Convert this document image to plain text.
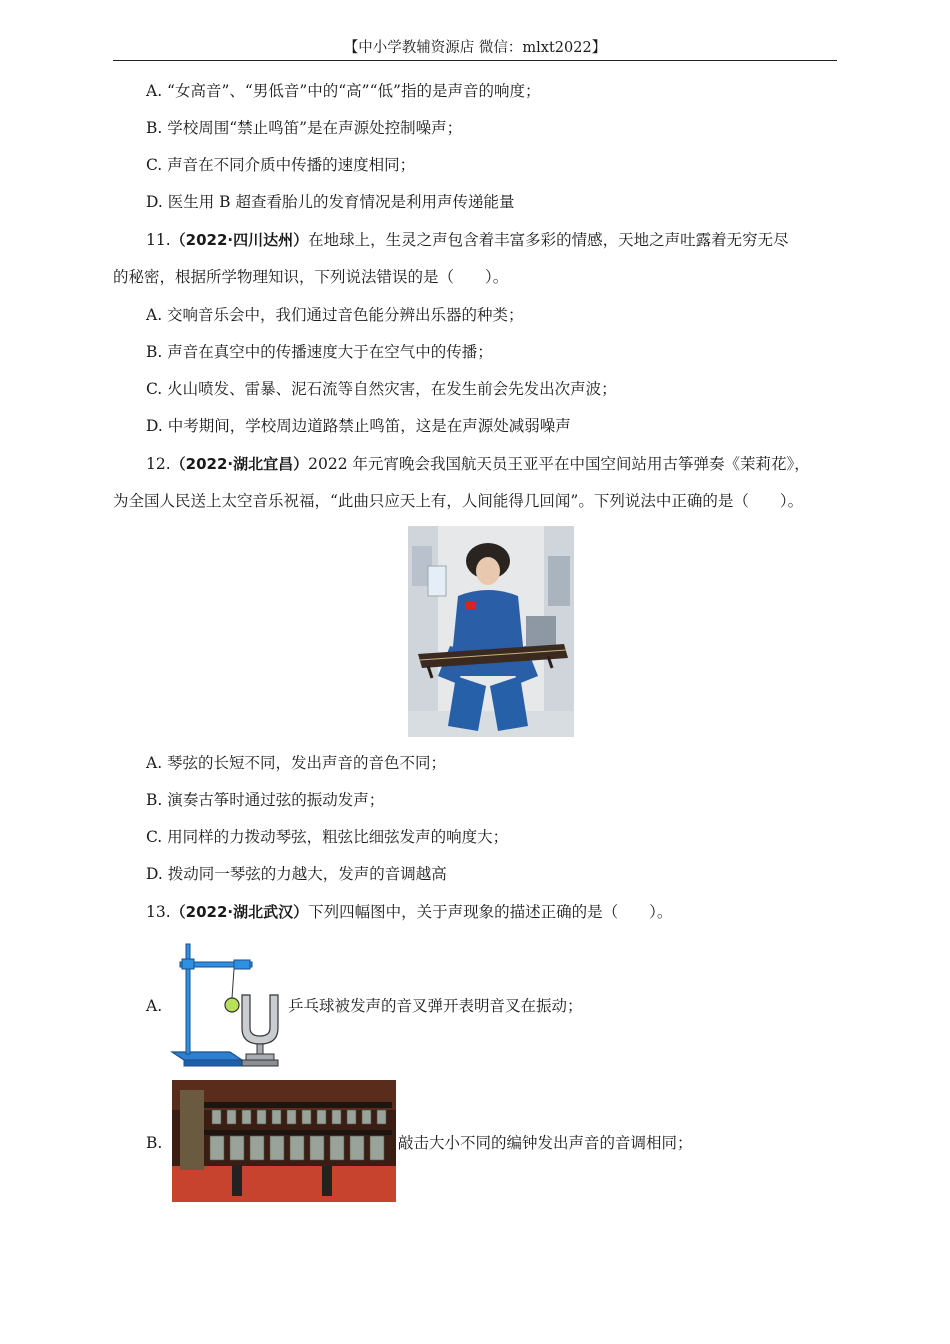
【中小学教辅资源店 微信：mlxt2022】
A. “女高音”、“男低音”中的“高”“低”指的是声音的响度；
B. 学校周围“禁止鸣笛”是在声源处控制噪声；
C. 声音在不同介质中传播的速度相同；
D. 医生用 B 超查看胎儿的发育情况是利用声传递能量
11.（2022·四川达州）在地球上，生灵之声包含着丰富多彩的情感，天地之声吐露着无穷无尽
的秘密，根据所学物理知识，下列说法错误的是（　　）。
A. 交响音乐会中，我们通过音色能分辨出乐器的种类；
B. 声音在真空中的传播速度大于在空气中的传播；
C. 火山喷发、雷暴、泥石流等自然灾害，在发生前会先发出次声波；
D. 中考期间，学校周边道路禁止鸣笛，这是在声源处减弱噪声
12.（2022·湖北宜昌）2022 年元宵晚会我国航天员王亚平在中国空间站用古筝弹奏《茉莉花》，
为全国人民送上太空音乐祝福，“此曲只应天上有，人间能得几回闻”。下列说法中正确的是（　　）。
A. 琴弦的长短不同，发出声音的音色不同；
B. 演奏古筝时通过弦的振动发声；
C. 用同样的力拨动琴弦，粗弦比细弦发声的响度大；
D. 拨动同一琴弦的力越大，发声的音调越高
13.（2022·湖北武汉）下列四幅图中，关于声现象的描述正确的是（　　）。
A.	乒乓球被发声的音叉弹开表明音叉在振动；
B.	敲击大小不同的编钟发出声音的音调相同；
